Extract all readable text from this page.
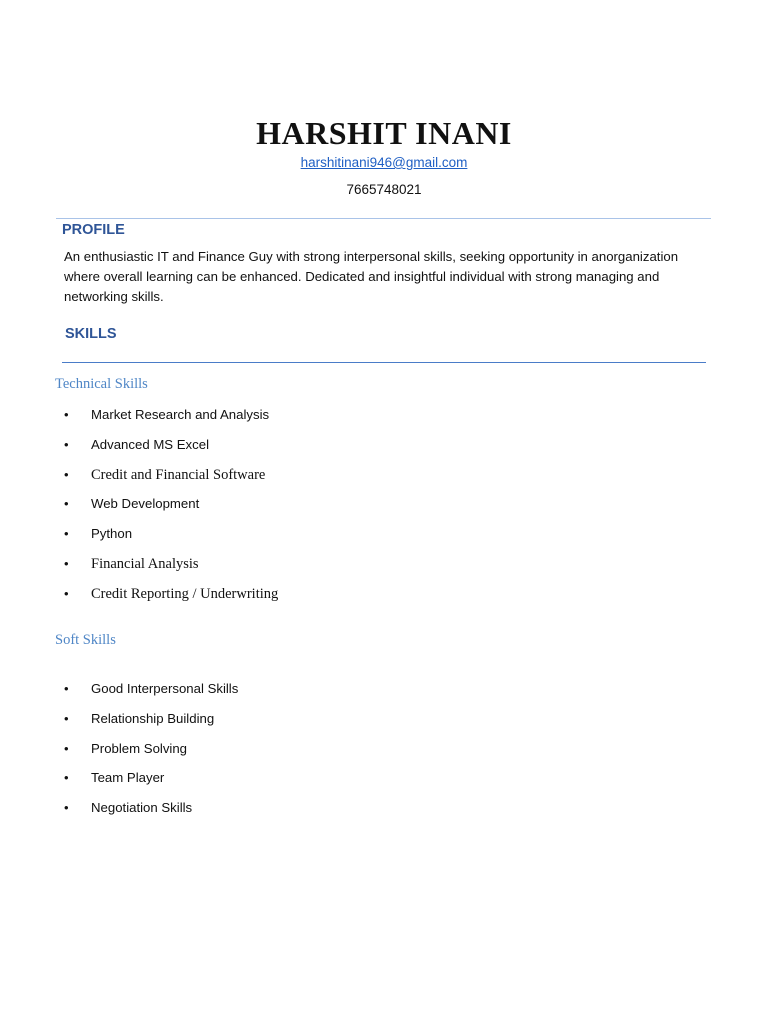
HARSHIT INANI
harshitinani946@gmail.com
7665748021
PROFILE
An enthusiastic IT and Finance Guy with strong interpersonal skills, seeking opportunity in anorganization where overall learning can be enhanced. Dedicated and insightful individual with strong managing and networking skills.
SKILLS
Technical Skills
• Market Research and Analysis
• Advanced MS Excel
• Credit and Financial Software
• Web Development
• Python
• Financial Analysis
• Credit Reporting / Underwriting
Soft Skills
• Good Interpersonal Skills
• Relationship Building
• Problem Solving
• Team Player
• Negotiation Skills
